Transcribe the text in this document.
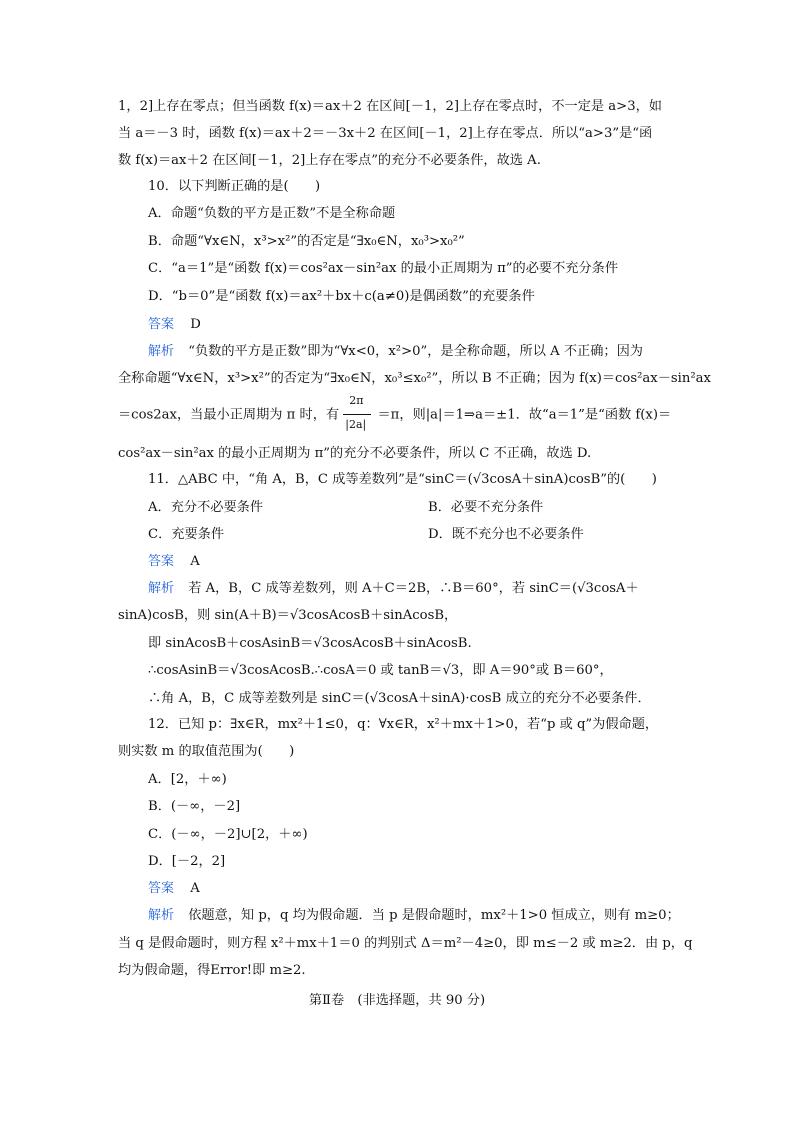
1，2]上存在零点；但当函数 f(x)＝ax＋2 在区间[－1，2]上存在零点时，不一定是 a>3，如
当 a＝－3 时，函数 f(x)＝ax＋2＝－3x＋2 在区间[－1，2]上存在零点．所以“a>3”是“函
数 f(x)＝ax＋2 在区间[－1，2]上存在零点”的充分不必要条件，故选 A.
10．以下判断正确的是(　　)
A．命题“负数的平方是正数”不是全称命题
B．命题“∀x∈N，x³>x²”的否定是“∃x₀∈N，x₀³>x₀²”
C．“a＝1”是“函数 f(x)＝cos²ax－sin²ax 的最小正周期为 π”的必要不充分条件
D．“b＝0”是“函数 f(x)＝ax²＋bx＋c(a≠0)是偶函数”的充要条件
答案 D
解析 “负数的平方是正数”即为“∀x<0，x²>0”，是全称命题，所以 A 不正确；因为
全称命题“∀x∈N，x³>x²”的否定为“∃x₀∈N，x₀³≤x₀²”，所以 B 不正确；因为 f(x)＝cos²ax－sin²ax
＝cos2ax，当最小正周期为 π 时，有 $\frac{2\pi}{|2a|} =\pi$，则|a|＝1⇒a＝±1．故“a＝1”是“函数 f(x)＝
cos²ax－sin²ax 的最小正周期为 π”的充分不必要条件，所以 C 不正确，故选 D.
11．△ABC 中，“角 A，B，C 成等差数列”是“sinC＝(√3cosA＋sinA)cosB”的(　　)
A．充分不必要条件	B．必要不充分条件
C．充要条件	D．既不充分也不必要条件
答案 A
解析 若 A，B，C 成等差数列，则 A＋C＝2B，∴B＝60°，若 sinC＝(√3cosA＋
sinA)cosB，则 sin(A＋B)＝√3cosAcosB＋sinAcosB，
即 sinAcosB＋cosAsinB＝√3cosAcosB＋sinAcosB.
∴cosAsinB＝√3cosAcosB.∴cosA＝0 或 tanB＝√3，即 A＝90°或 B＝60°，
∴角 A，B，C 成等差数列是 sinC＝(√3cosA＋sinA)·cosB 成立的充分不必要条件．
12．已知 p：∃x∈R，mx²＋1≤0，q：∀x∈R，x²＋mx＋1>0，若“p 或 q”为假命题，
则实数 m 的取值范围为(　　)
A．[2，＋∞)
B．(－∞，－2]
C．(－∞，－2]∪[2，＋∞)
D．[－2，2]
答案 A
解析 依题意，知 p，q 均为假命题．当 p 是假命题时，mx²＋1>0 恒成立，则有 m≥0；
当 q 是假命题时，则方程 x²＋mx＋1＝0 的判别式 Δ＝m²－4≥0，即 m≤－2 或 m≥2．由 p，q
均为假命题，得Error!即 m≥2.
第Ⅱ卷　(非选择题，共 90 分)
